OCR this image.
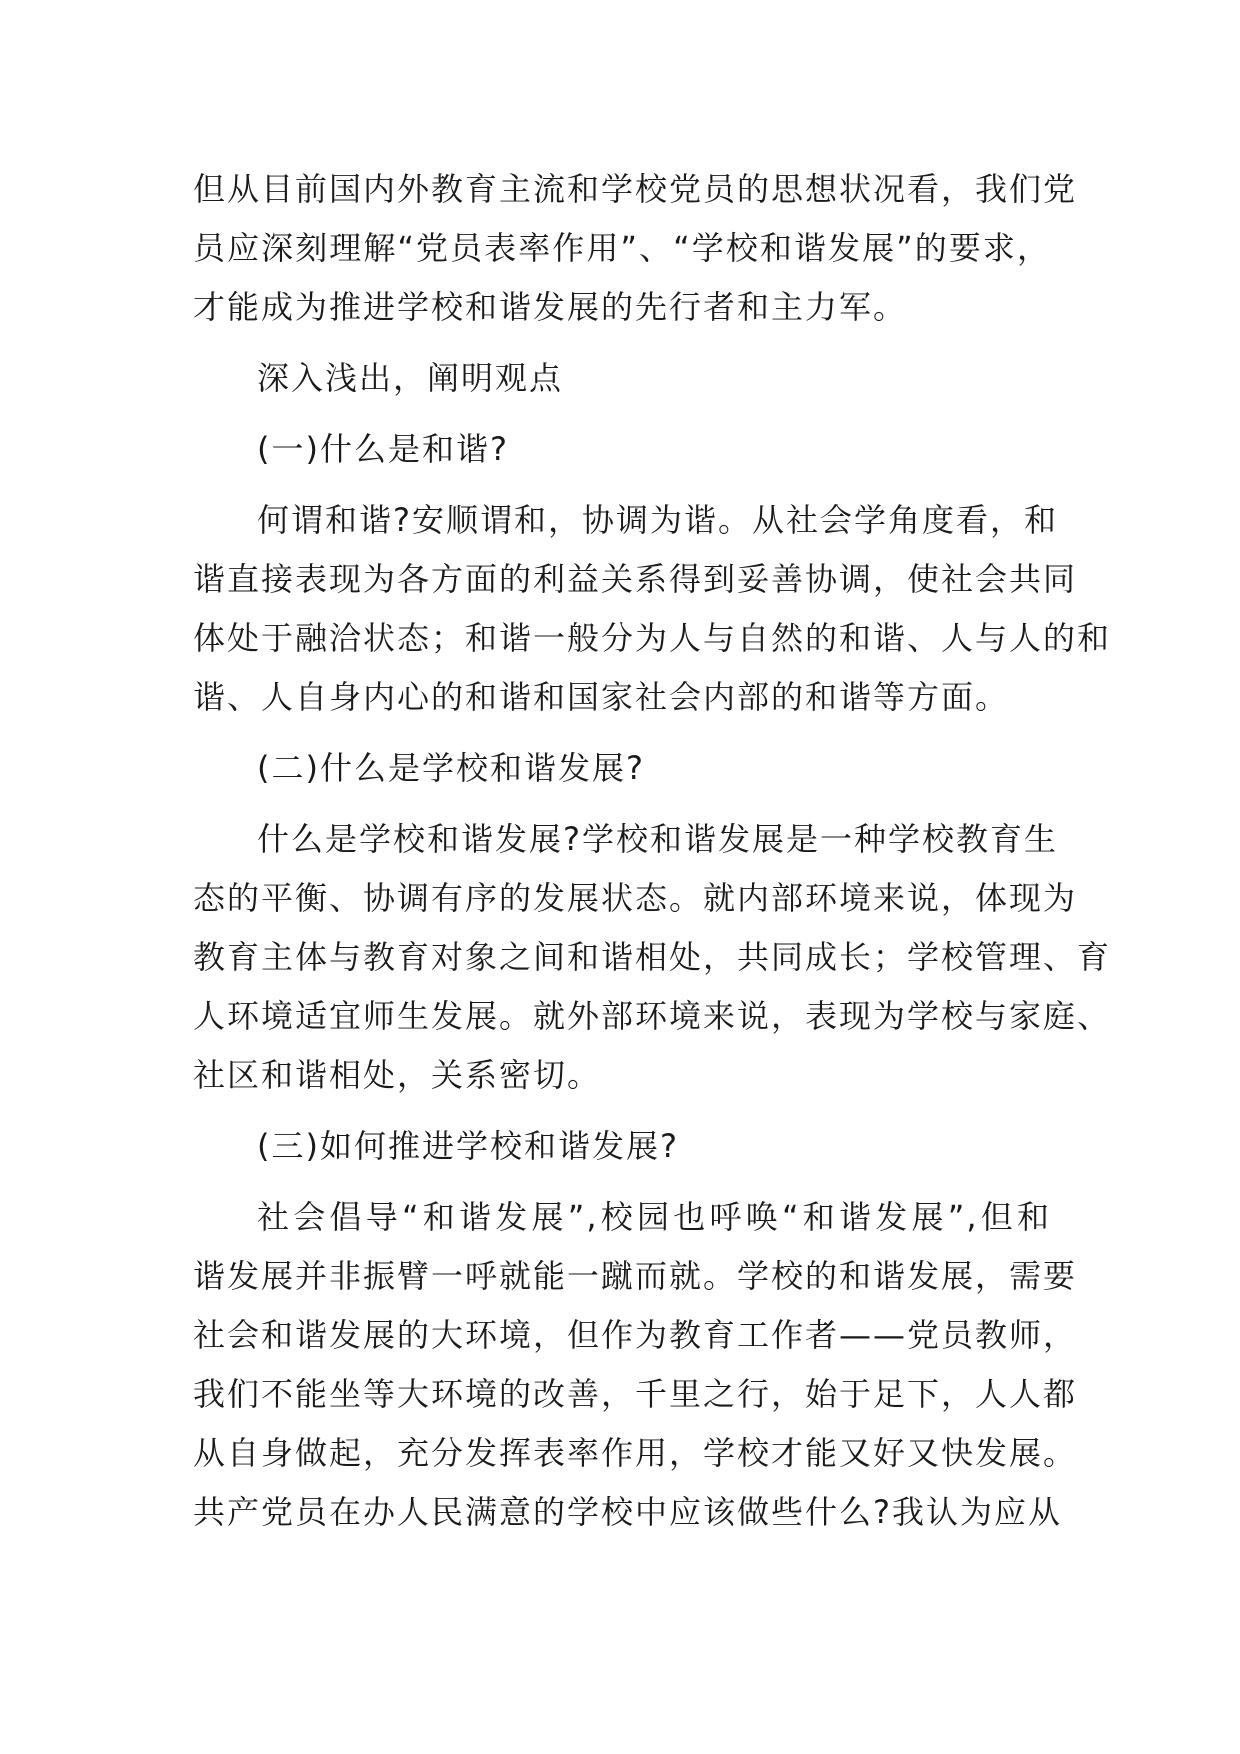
但从目前国内外教育主流和学校党员的思想状况看，我们党
员应深刻理解“党员表率作用”、“学校和谐发展”的要求，
才能成为推进学校和谐发展的先行者和主力军。
深入浅出，阐明观点
(一)什么是和谐?
何谓和谐?安顺谓和，协调为谐。从社会学角度看，和
谐直接表现为各方面的利益关系得到妥善协调，使社会共同
体处于融洽状态；和谐一般分为人与自然的和谐、人与人的和
谐、人自身内心的和谐和国家社会内部的和谐等方面。
(二)什么是学校和谐发展?
什么是学校和谐发展?学校和谐发展是一种学校教育生
态的平衡、协调有序的发展状态。就内部环境来说，体现为
教育主体与教育对象之间和谐相处，共同成长；学校管理、育
人环境适宜师生发展。就外部环境来说，表现为学校与家庭、
社区和谐相处，关系密切。
(三)如何推进学校和谐发展?
社会倡导“和谐发展”,校园也呼唤“和谐发展”,但和
谐发展并非振臂一呼就能一蹴而就。学校的和谐发展，需要
社会和谐发展的大环境，但作为教育工作者——党员教师，
我们不能坐等大环境的改善，千里之行，始于足下，人人都
从自身做起，充分发挥表率作用，学校才能又好又快发展。
共产党员在办人民满意的学校中应该做些什么?我认为应从
